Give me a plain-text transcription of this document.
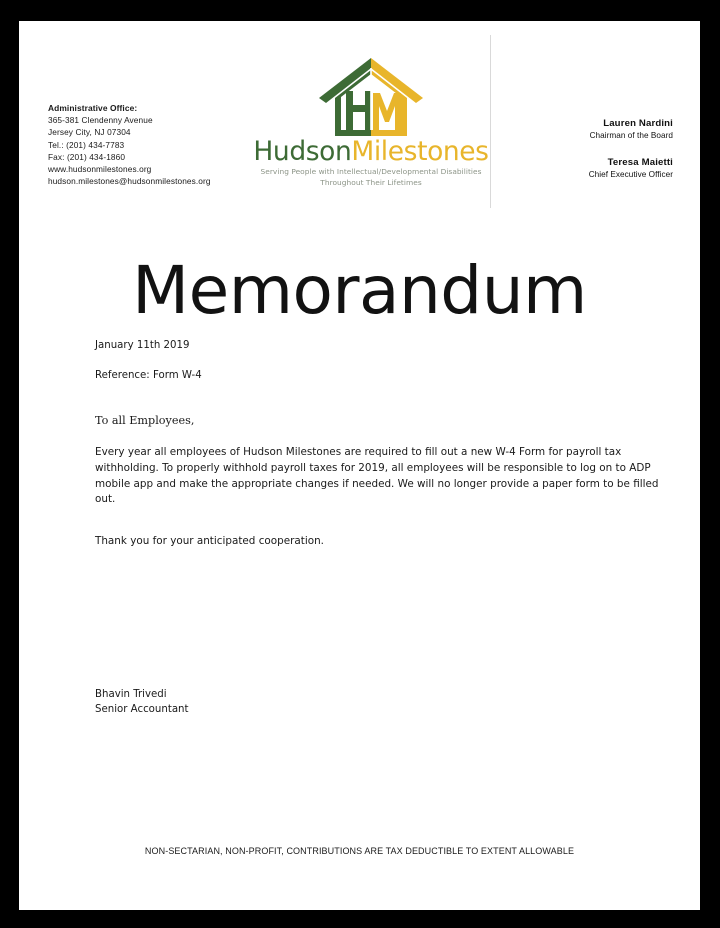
Administrative Office:
365-381 Clendenny Avenue
Jersey City, NJ 07304
Tel.: (201) 434-7783
Fax: (201) 434-1860
www.hudsonmilestones.org
hudson.milestones@hudsonmilestones.org
HudsonMilestones
Serving People with Intellectual/Developmental Disabilities
Throughout Their Lifetimes
Lauren Nardini
Chairman of the Board
Teresa Maietti
Chief Executive Officer
Memorandum
January 11th 2019
Reference: Form W-4
To all Employees,
Every year all employees of Hudson Milestones are required to fill out a new W-4 Form for payroll tax withholding. To properly withhold payroll taxes for 2019, all employees will be responsible to log on to ADP mobile app and make the appropriate changes if needed. We will no longer provide a paper form to be filled out.
Thank you for your anticipated cooperation.
Bhavin Trivedi
Senior Accountant
NON-SECTARIAN, NON-PROFIT, CONTRIBUTIONS ARE TAX DEDUCTIBLE TO EXTENT ALLOWABLE
